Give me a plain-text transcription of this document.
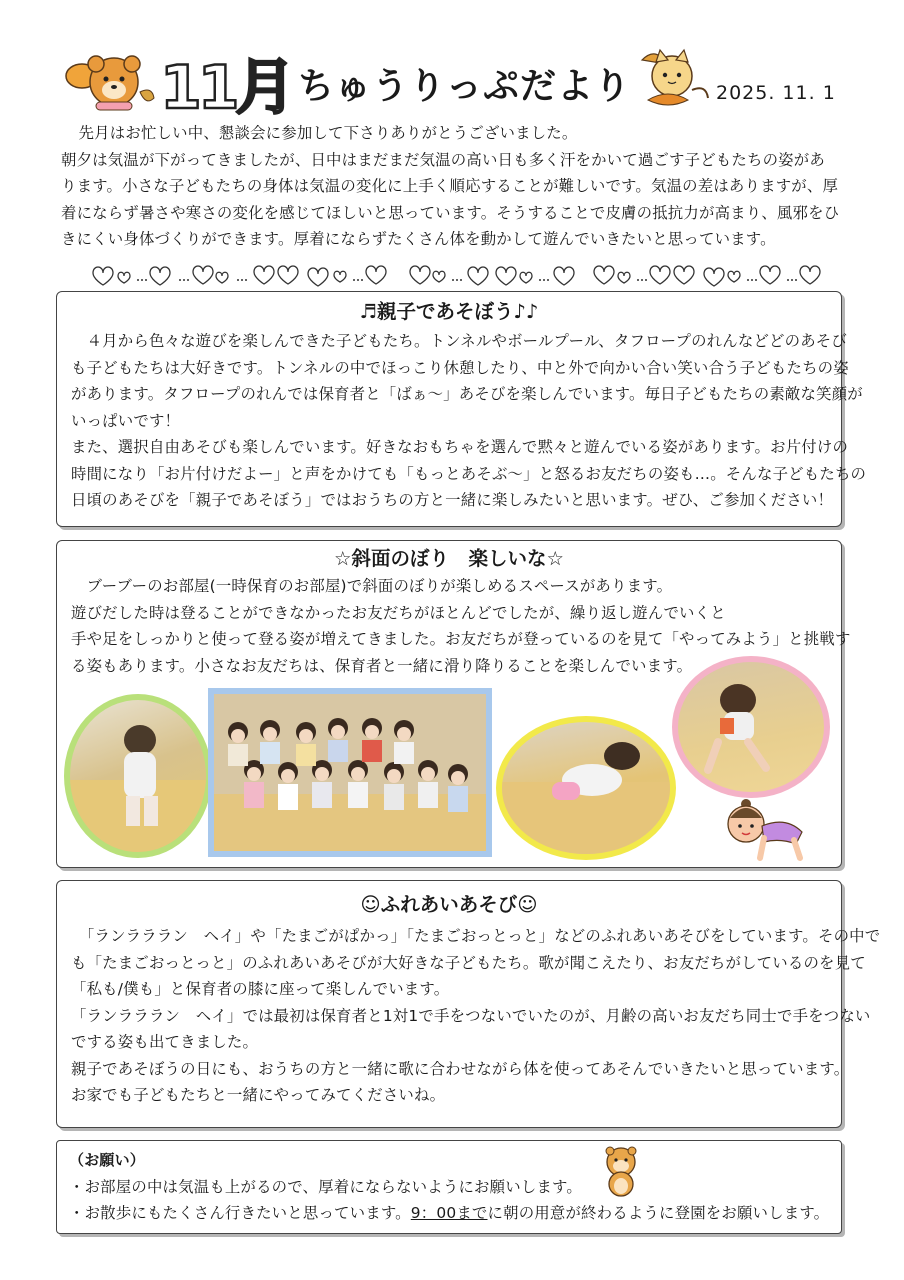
11月 ちゅうりっぷだより	2025. 11. 1

　先月はお忙しい中、懇談会に参加して下さりありがとうございました。

朝夕は気温が下がってきましたが、日中はまだまだ気温の高い日も多く汗をかいて過ごす子どもたちの姿があ

ります。小さな子どもたちの身体は気温の変化に上手く順応することが難しいです。気温の差はありますが、厚

着にならず暑さや寒さの変化を感じてほしいと思っています。そうすることで皮膚の抵抗力が高まり、風邪をひ

きにくい身体づくりができます。厚着にならずたくさん体を動かして遊んでいきたいと思っています。

♬親子であそぼう♪♪

　４月から色々な遊びを楽しんできた子どもたち。トンネルやボールプール、タフロープのれんなどどのあそび

も子どもたちは大好きです。トンネルの中でほっこり休憩したり、中と外で向かい合い笑い合う子どもたちの姿

があります。タフロープのれんでは保育者と「ばぁ～」あそびを楽しんでいます。毎日子どもたちの素敵な笑顔が

いっぱいです！

また、選択自由あそびも楽しんでいます。好きなおもちゃを選んで黙々と遊んでいる姿があります。お片付けの

時間になり「お片付けだよー」と声をかけても「もっとあそぶ～」と怒るお友だちの姿も…。そんな子どもたちの

日頃のあそびを「親子であそぼう」ではおうちの方と一緒に楽しみたいと思います。ぜひ、ご参加ください！

☆斜面のぼり　楽しいな☆

　ブーブーのお部屋(一時保育のお部屋)で斜面のぼりが楽しめるスペースがあります。

遊びだした時は登ることができなかったお友だちがほとんどでしたが、繰り返し遊んでいくと

手や足をしっかりと使って登る姿が増えてきました。お友だちが登っているのを見て「やってみよう」と挑戦す

る姿もあります。小さなお友だちは、保育者と一緒に滑り降りることを楽しんでいます。

☺ふれあいあそび☺

　「ランラララン　ヘイ」や「たまごがぱかっ」「たまごおっとっと」などのふれあいあそびをしています。その中で

も「たまごおっとっと」のふれあいあそびが大好きな子どもたち。歌が聞こえたり、お友だちがしているのを見て

「私も/僕も」と保育者の膝に座って楽しんでいます。

「ランラララン　ヘイ」では最初は保育者と1対1で手をつないでいたのが、月齢の高いお友だち同士で手をつない

でする姿も出てきました。

親子であそぼうの日にも、おうちの方と一緒に歌に合わせながら体を使ってあそんでいきたいと思っています。

お家でも子どもたちと一緒にやってみてくださいね。

（お願い）

・お部屋の中は気温も上がるので、厚着にならないようにお願いします。

・お散歩にもたくさん行きたいと思っています。9：00までに朝の用意が終わるように登園をお願いします。
